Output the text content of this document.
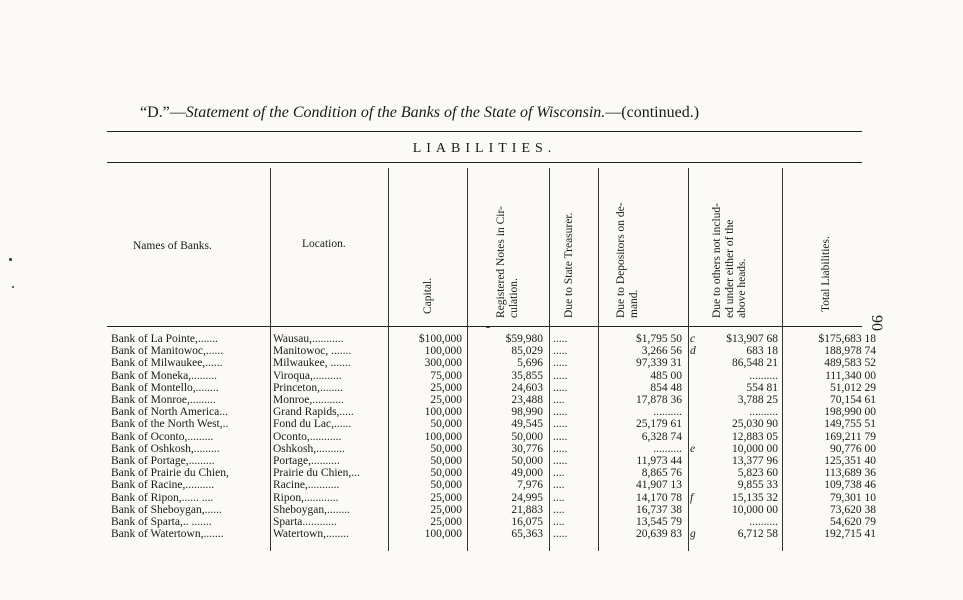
“D.”—Statement of the Condition of the Banks of the State of Wisconsin.—(continued.)
LIABILITIES.
90
Names of Banks.	Location.
Capital.	Registered Notes in Cir- culation.	Due to State Treasurer.	Due to Depositors on de- mand.	Due to others not includ- ed under either of the above heads.	Total Liabilities.
Bank of La Pointe,.......	Wausau,...........	$100,000	$59,980 .....	$1,795 50 c	$13,907 68	$175,683 18
Bank of Manitowoc,......	Manitowoc, .......	100,000	85,029 .....	3,266 56 d	683 18	188,978 74
Bank of Milwaukee,......	Milwaukee, .......	300,000	5,696 .....	97,339 31	86,548 21	489,583 52
Bank of Moneka,.........	Viroqua,..........	75,000	35,855 .....	485 00	..........	111,340 00
Bank of Montello,........	Princeton,........	25,000	24,603 .....	854 48	554 81	51,012 29
Bank of Monroe,.........	Monroe,...........	25,000	23,488 ....	17,878 36	3,788 25	70,154 61
Bank of North America...	Grand Rapids,.....	100,000	98,990 .....	..........	..........	198,990 00
Bank of the North West,..	Fond du Lac,......	50,000	49,545 .....	25,179 61	25,030 90	149,755 51
Bank of Oconto,.........	Oconto,...........	100,000	50,000 .....	6,328 74	12,883 05	169,211 79
Bank of Oshkosh,.........	Oshkosh,..........	50,000	30,776 .....	.......... e	10,000 00	90,776 00
Bank of Portage,.........	Portage,..........	50,000	50,000 .....	11,973 44	13,377 96	125,351 40
Bank of Prairie du Chien,	Prairie du Chien,...	50,000	49,000 ....	8,865 76	5,823 60	113,689 36
Bank of Racine,..........	Racine,...........	50,000	7,976 ....	41,907 13	9,855 33	109,738 46
Bank of Ripon,...... ....	Ripon,............	25,000	24,995 ....	14,170 78 f	15,135 32	79,301 10
Bank of Sheboygan,......	Sheboygan,........	25,000	21,883 ....	16,737 38	10,000 00	73,620 38
Bank of Sparta,.. .......	Sparta............	25,000	16,075 ....	13,545 79	..........	54,620 79
Bank of Watertown,.......	Watertown,........	100,000	65,363 .....	20,639 83 g	6,712 58	192,715 41
